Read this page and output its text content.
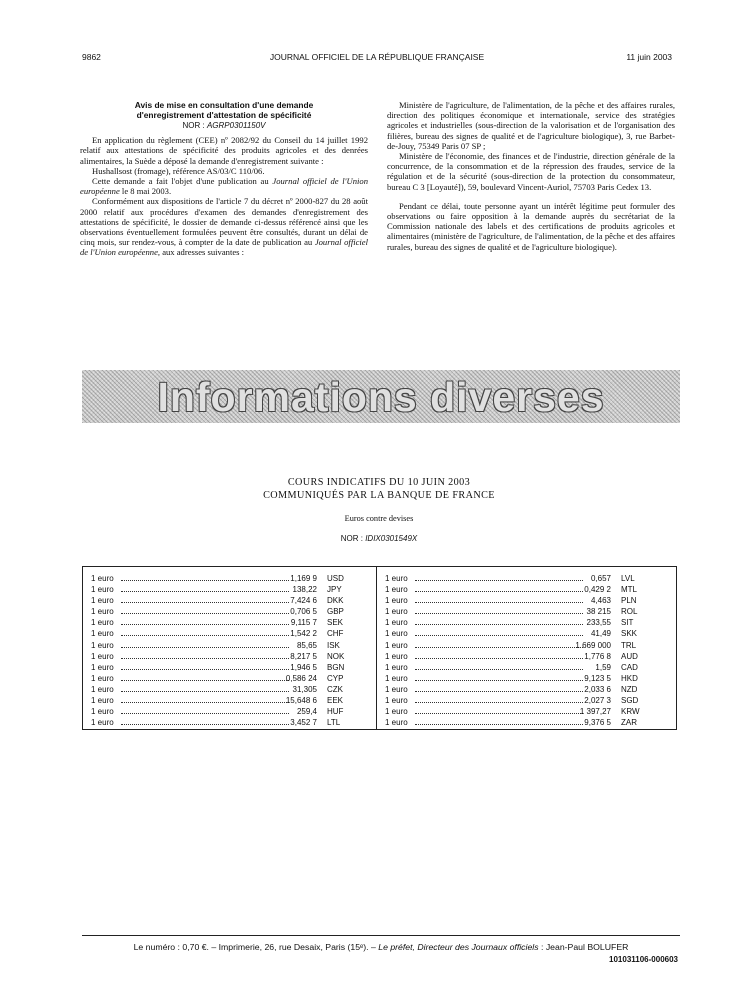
9862	JOURNAL OFFICIEL DE LA RÉPUBLIQUE FRANÇAISE	11 juin 2003
Avis de mise en consultation d'une demande
d'enregistrement d'attestation de spécificité
NOR : AGRP0301150V

En application du règlement (CEE) nº 2082/92 du Conseil du 14 juillet 1992 relatif aux attestations de spécificité des produits agricoles et des denrées alimentaires, la Suède a déposé la demande d'enregistrement suivante :

Hushallsost (fromage), référence AS/03/C 110/06.

Cette demande a fait l'objet d'une publication au Journal officiel de l'Union européenne le 8 mai 2003.

Conformément aux dispositions de l'article 7 du décret nº 2000-827 du 28 août 2000 relatif aux procédures d'examen des demandes d'enregistrement des attestations de spécificité, le dossier de demande ci-dessus référencé ainsi que les observations éventuellement formulées peuvent être consultés, durant un délai de cinq mois, sur rendez-vous, à compter de la date de publication au Journal officiel de l'Union européenne, aux adresses suivantes :

Ministère de l'agriculture, de l'alimentation, de la pêche et des affaires rurales, direction des politiques économique et internationale, service des stratégies agricoles et industrielles (sous-direction de la valorisation et de l'organisation des filières, bureau des signes de qualité et de l'agriculture biologique), 3, rue Barbet-de-Jouy, 75349 Paris 07 SP ;

Ministère de l'économie, des finances et de l'industrie, direction générale de la concurrence, de la consommation et de la répression des fraudes, service de la régulation et de la sécurité (sous-direction de la protection du consommateur, bureau C 3 [Loyauté]), 59, boulevard Vincent-Auriol, 75703 Paris Cedex 13.

Pendant ce délai, toute personne ayant un intérêt légitime peut formuler des observations ou faire opposition à la demande auprès du secrétariat de la Commission nationale des labels et des certifications de produits agricoles et alimentaires (ministère de l'agriculture, de l'alimentation, de la pêche et des affaires rurales, bureau des signes de qualité et de l'agriculture biologique).

Informations diverses
COURS INDICATIFS DU 10 JUIN 2003
COMMUNIQUÉS PAR LA BANQUE DE FRANCE
Euros contre devises
NOR : IDIX0301549X
1 euro	1,169 9 USD
1 euro	138,22 JPY
1 euro	7,424 6 DKK
1 euro	0,706 5 GBP
1 euro	9,115 7 SEK
1 euro	1,542 2 CHF
1 euro	85,65 ISK
1 euro	8,217 5 NOK
1 euro	1,946 5 BGN
1 euro	0,586 24 CYP
1 euro	31,305 CZK
1 euro	15,648 6 EEK
1 euro	259,4 HUF
1 euro	3,452 7 LTL
1 euro	0,657 LVL
1 euro	0,429 2 MTL
1 euro	4,463 PLN
1 euro	38 215 ROL
1 euro	233,55 SIT
1 euro	41,49 SKK
1 euro	1 669 000 TRL
1 euro	1,776 8 AUD
1 euro	1,59 CAD
1 euro	9,123 5 HKD
1 euro	2,033 6 NZD
1 euro	2,027 3 SGD
1 euro	1 397,27 KRW
1 euro	9,376 5 ZAR
Le numéro : 0,70 €. – Imprimerie, 26, rue Desaix, Paris (15ᵉ). – Le préfet, Directeur des Journaux officiels : Jean-Paul BOLUFER
101031106-000603
